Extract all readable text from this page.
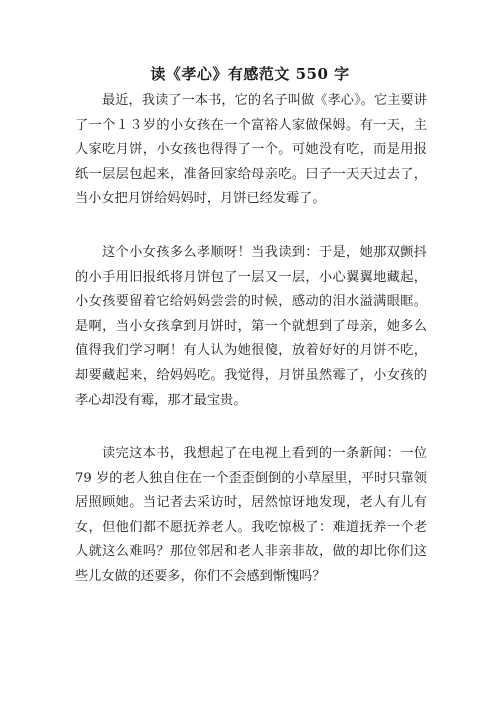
读《孝心》有感范文 550 字

最近，我读了一本书，它的名子叫做《孝心》。它主要讲了一个１３岁的小女孩在一个富裕人家做保姆。有一天，主人家吃月饼，小女孩也得得了一个。可她没有吃，而是用报纸一层层包起来，准备回家给母亲吃。曰子一天天过去了，当小女把月饼给妈妈时，月饼已经发霉了。

这个小女孩多么孝顺呀！当我读到：于是，她那双颤抖的小手用旧报纸将月饼包了一层又一层，小心翼翼地藏起，小女孩要留着它给妈妈尝尝的时候，感动的泪水溢满眼眶。是啊，当小女孩拿到月饼时，第一个就想到了母亲，她多么值得我们学习啊！有人认为她很傻，放着好好的月饼不吃，却要藏起来，给妈妈吃。我觉得，月饼虽然霉了，小女孩的孝心却没有霉，那才最宝贵。

读完这本书，我想起了在电视上看到的一条新闻：一位 79 岁的老人独自住在一个歪歪倒倒的小草屋里，平时只靠领居照顾她。当记者去采访时，居然惊讶地发现，老人有儿有女，但他们都不愿抚养老人。我吃惊极了：难道抚养一个老人就这么难吗？那位邻居和老人非亲非故，做的却比你们这些儿女做的还要多，你们不会感到惭愧吗？
